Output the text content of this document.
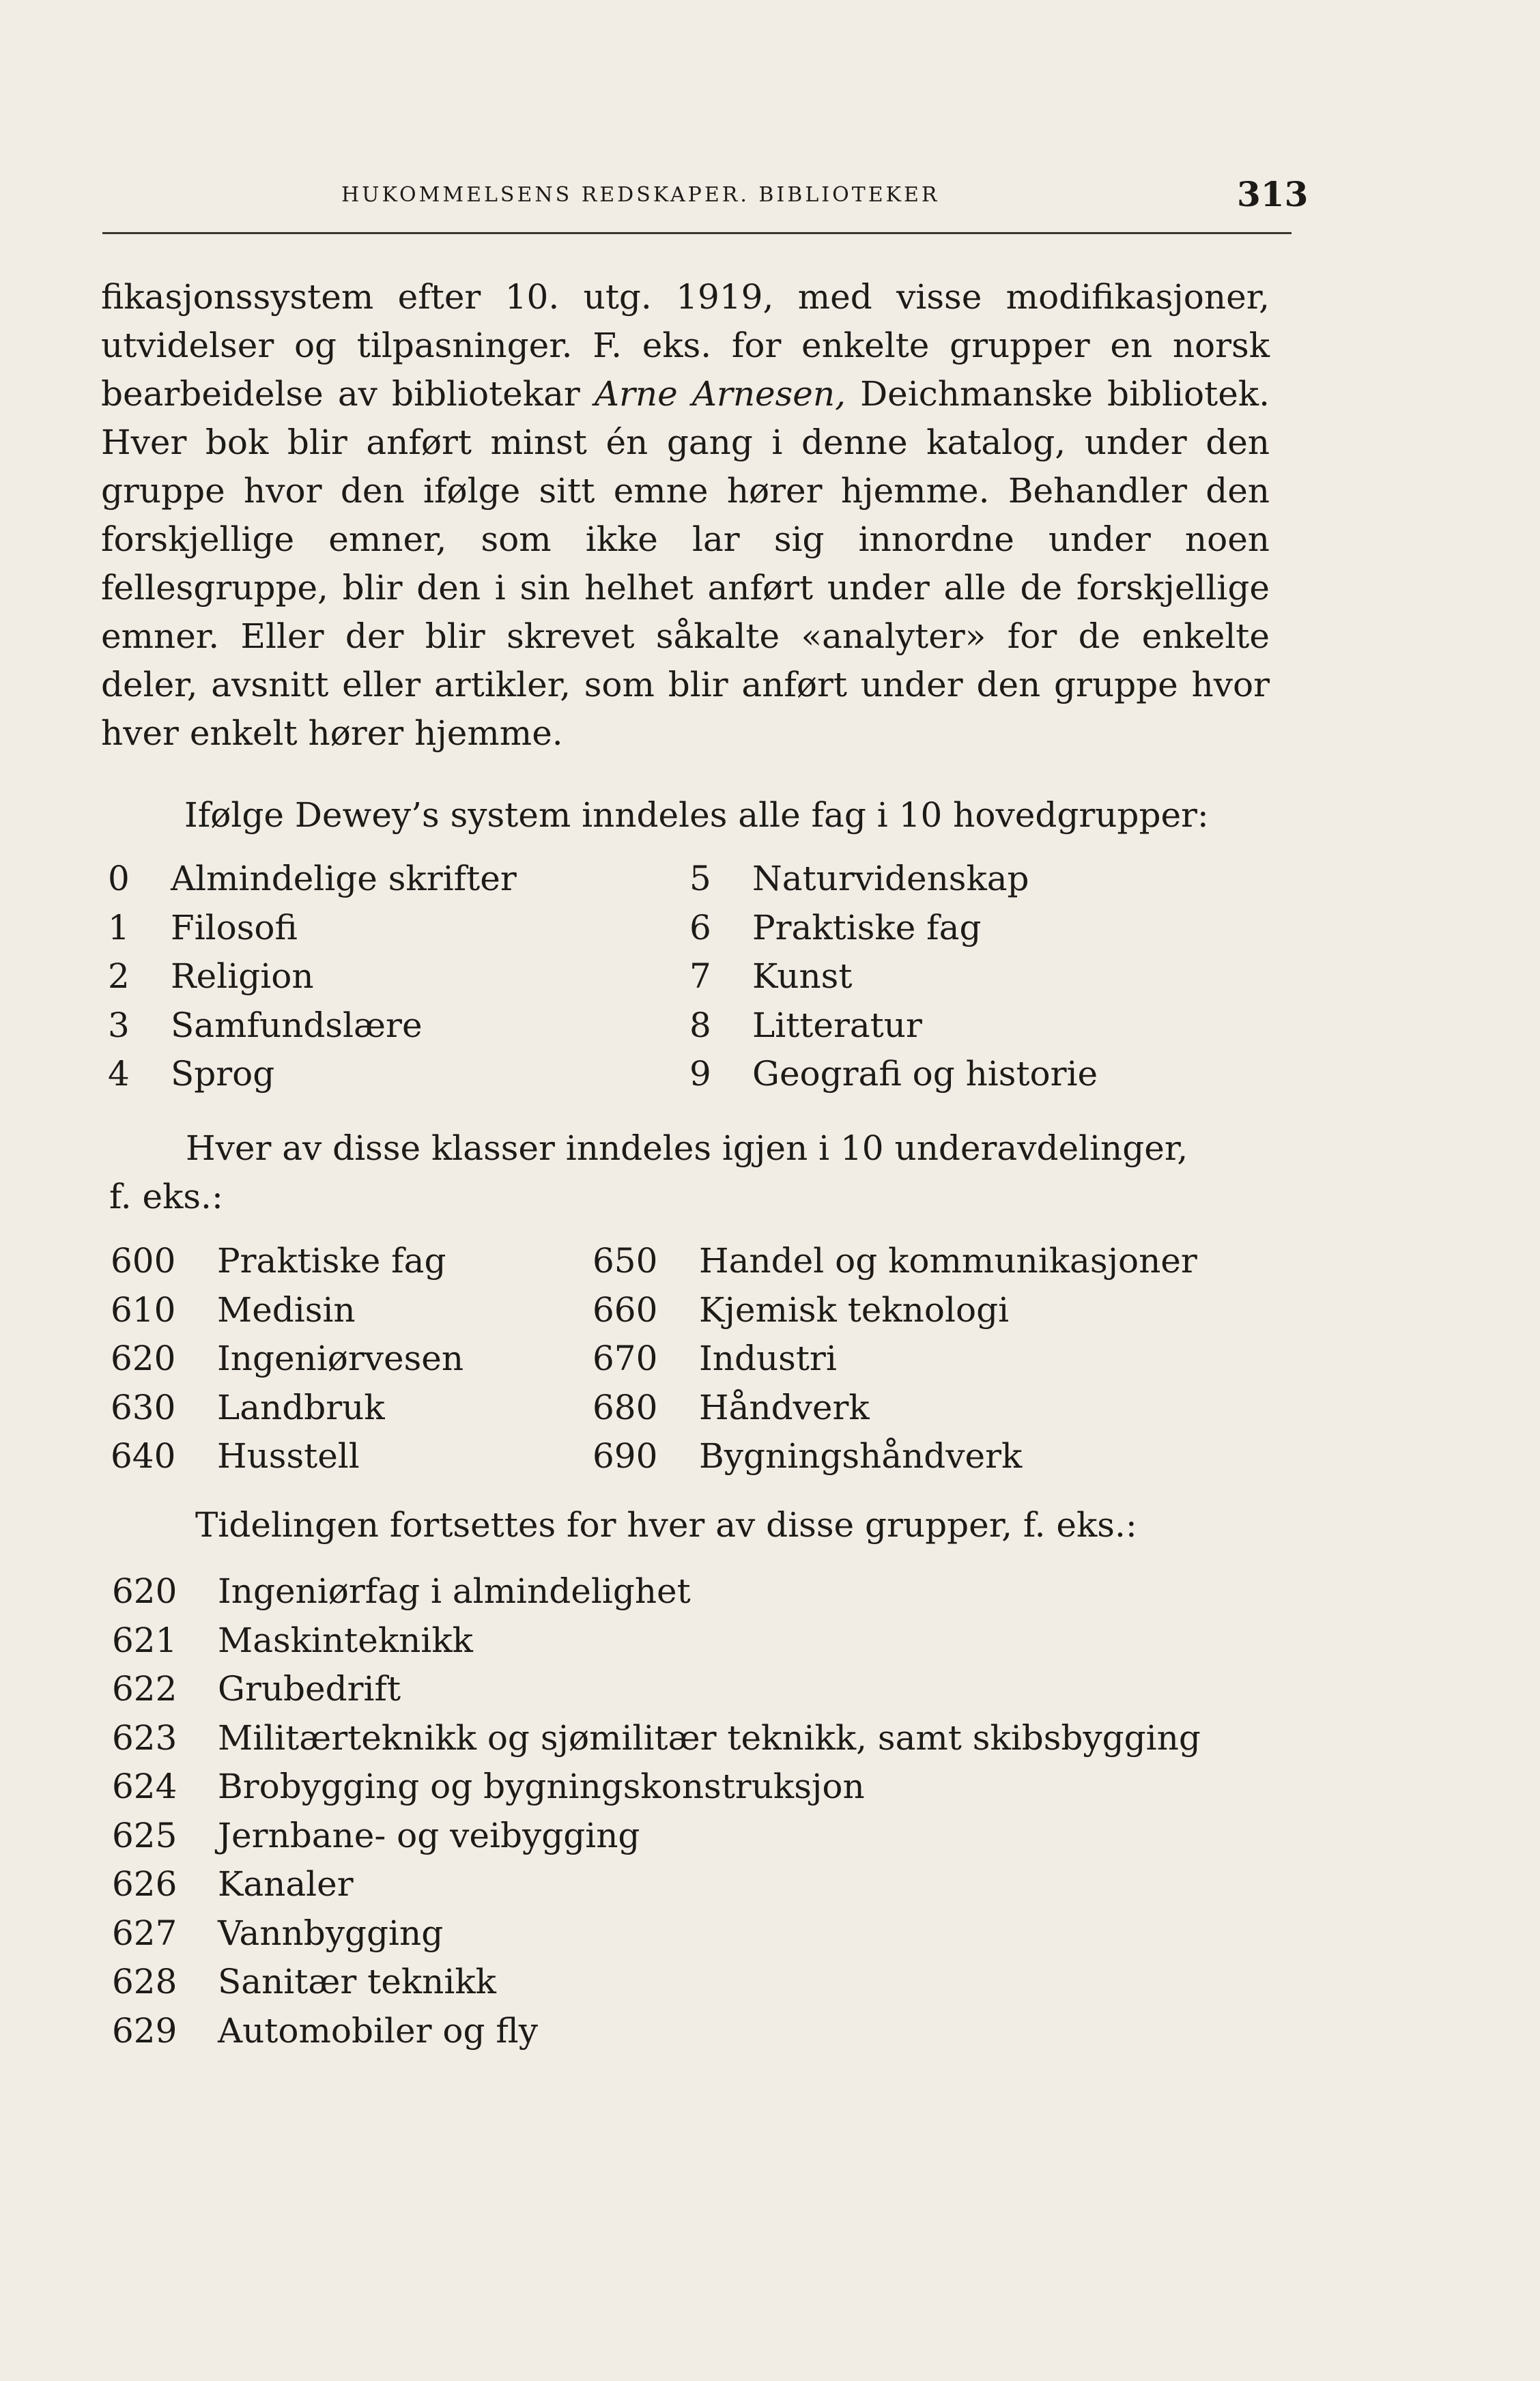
HUKOMMELSENS REDSKAPER. BIBLIOTEKER	313

fikasjonssystem efter 10. utg. 1919, med visse modifikasjoner, utvidelser og tilpasninger. F. eks. for enkelte grupper en norsk bearbeidelse av bibliotekar Arne Arnesen, Deichmanske bibliotek. Hver bok blir anført minst én gang i denne katalog, under den gruppe hvor den ifølge sitt emne hører hjemme. Behandler den forskjellige emner, som ikke lar sig innordne under noen fellesgruppe, blir den i sin helhet anført under alle de forskjellige emner. Eller der blir skrevet såkalte «analyter» for de enkelte deler, avsnitt eller artikler, som blir anført under den gruppe hvor hver enkelt hører hjemme.

Ifølge Dewey’s system inndeles alle fag i 10 hovedgrupper:

0 Almindelige skrifter
1 Filosofi
2 Religion
3 Samfundslære
4 Sprog
5 Naturvidenskap
6 Praktiske fag
7 Kunst
8 Litteratur
9 Geografi og historie

Hver av disse klasser inndeles igjen i 10 underavdelinger,

f. eks.:

600 Praktiske fag
610 Medisin
620 Ingeniørvesen
630 Landbruk
640 Husstell
650 Handel og kommunikasjoner
660 Kjemisk teknologi
670 Industri
680 Håndverk
690 Bygningshåndverk

Tidelingen fortsettes for hver av disse grupper, f. eks.:

620 Ingeniørfag i almindelighet
621 Maskinteknikk
622 Grubedrift
623 Militærteknikk og sjømilitær teknikk, samt skibsbygging
624 Brobygging og bygningskonstruksjon
625 Jernbane- og veibygging
626 Kanaler
627 Vannbygging
628 Sanitær teknikk
629 Automobiler og fly
